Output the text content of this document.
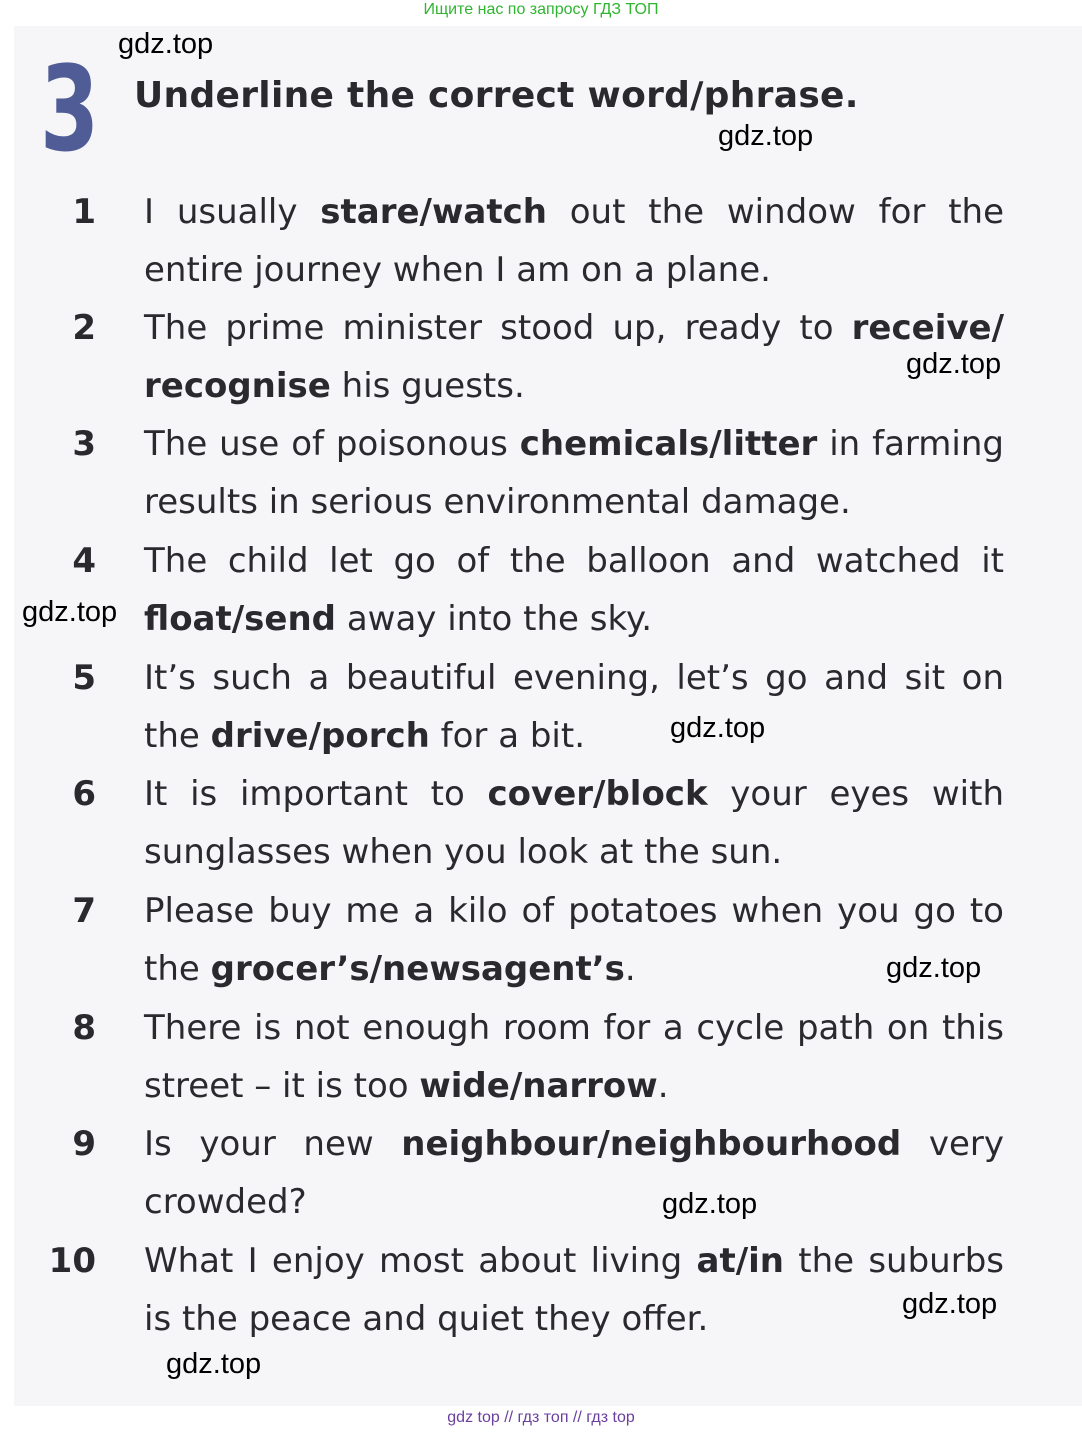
Ищите нас по запросу ГДЗ ТОП
3 Underline the correct word/phrase.
1 I usually stare/watch out the window for the entire journey when I am on a plane.
2 The prime minister stood up, ready to receive/ recognise his guests.
3 The use of poisonous chemicals/litter in farming results in serious environmental damage.
4 The child let go of the balloon and watched it float/send away into the sky.
5 It’s such a beautiful evening, let’s go and sit on the drive/porch for a bit.
6 It is important to cover/block your eyes with sunglasses when you look at the sun.
7 Please buy me a kilo of potatoes when you go to the grocer’s/newsagent’s.
8 There is not enough room for a cycle path on this street – it is too wide/narrow.
9 Is your new neighbour/neighbourhood very crowded?
10 What I enjoy most about living at/in the suburbs is the peace and quiet they offer.
gdz.top
gdz.top
gdz.top
gdz.top
gdz.top
gdz.top
gdz.top
gdz.top
gdz.top
gdz top // гдз топ // гдз top
